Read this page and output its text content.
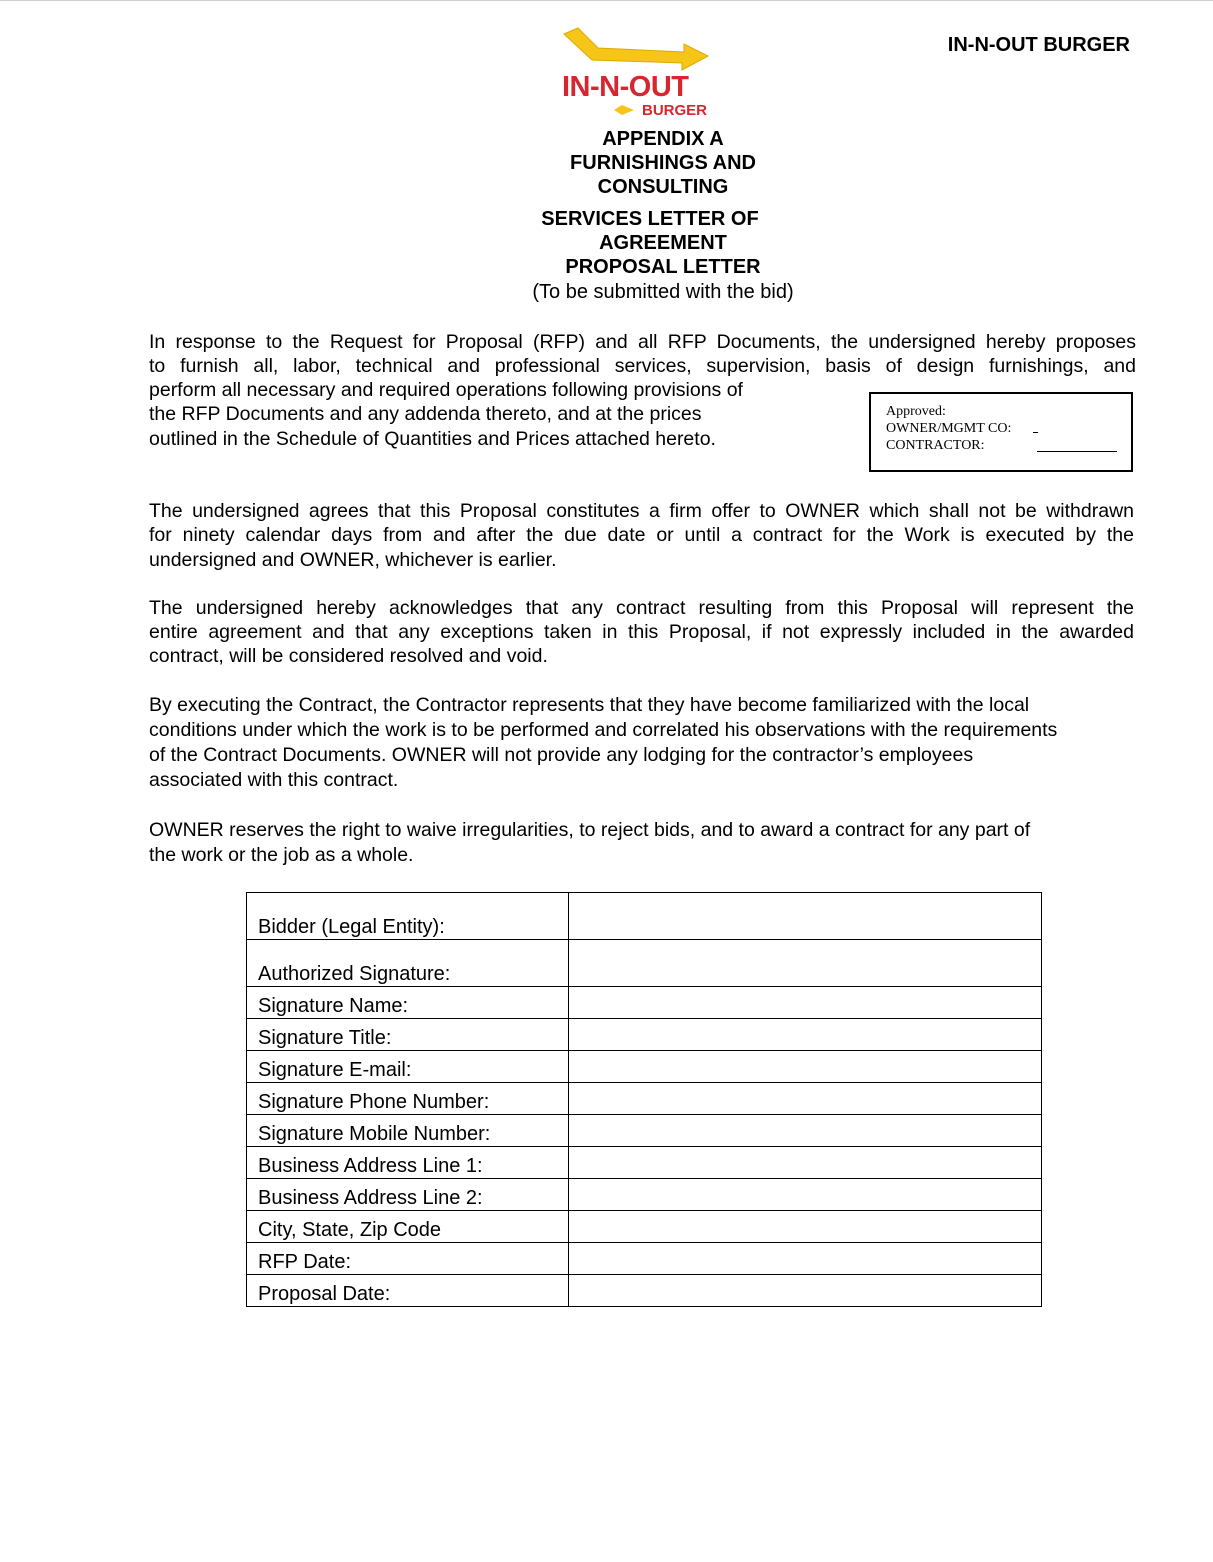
IN-N-OUT
BURGER
IN-N-OUT BURGER
APPENDIX A
FURNISHINGS AND
CONSULTING
SERVICES LETTER OF
AGREEMENT
PROPOSAL LETTER
(To be submitted with the bid)
In response to the Request for Proposal (RFP) and all RFP Documents, the undersigned hereby proposes
to furnish all, labor, technical and professional services, supervision, basis of design furnishings, and
perform all necessary and required operations following provisions of
the RFP Documents and any addenda thereto, and at the prices
outlined in the Schedule of Quantities and Prices attached hereto.
Approved:
OWNER/MGMT CO:
CONTRACTOR:
The undersigned agrees that this Proposal constitutes a firm offer to OWNER which shall not be withdrawn
for ninety calendar days from and after the due date or until a contract for the Work is executed by the
undersigned and OWNER, whichever is earlier.
The undersigned hereby acknowledges that any contract resulting from this Proposal will represent the
entire agreement and that any exceptions taken in this Proposal, if not expressly included in the awarded
contract, will be considered resolved and void.
By executing the Contract, the Contractor represents that they have become familiarized with the local
conditions under which the work is to be performed and correlated his observations with the requirements
of the Contract Documents. OWNER will not provide any lodging for the contractor’s employees
associated with this contract.
OWNER reserves the right to waive irregularities, to reject bids, and to award a contract for any part of
the work or the job as a whole.
Bidder (Legal Entity):	
Authorized Signature:	
Signature Name:	
Signature Title:	
Signature E-mail:	
Signature Phone Number:	
Signature Mobile Number:	
Business Address Line 1:	
Business Address Line 2:	
City, State, Zip Code	
RFP Date:	
Proposal Date:	
